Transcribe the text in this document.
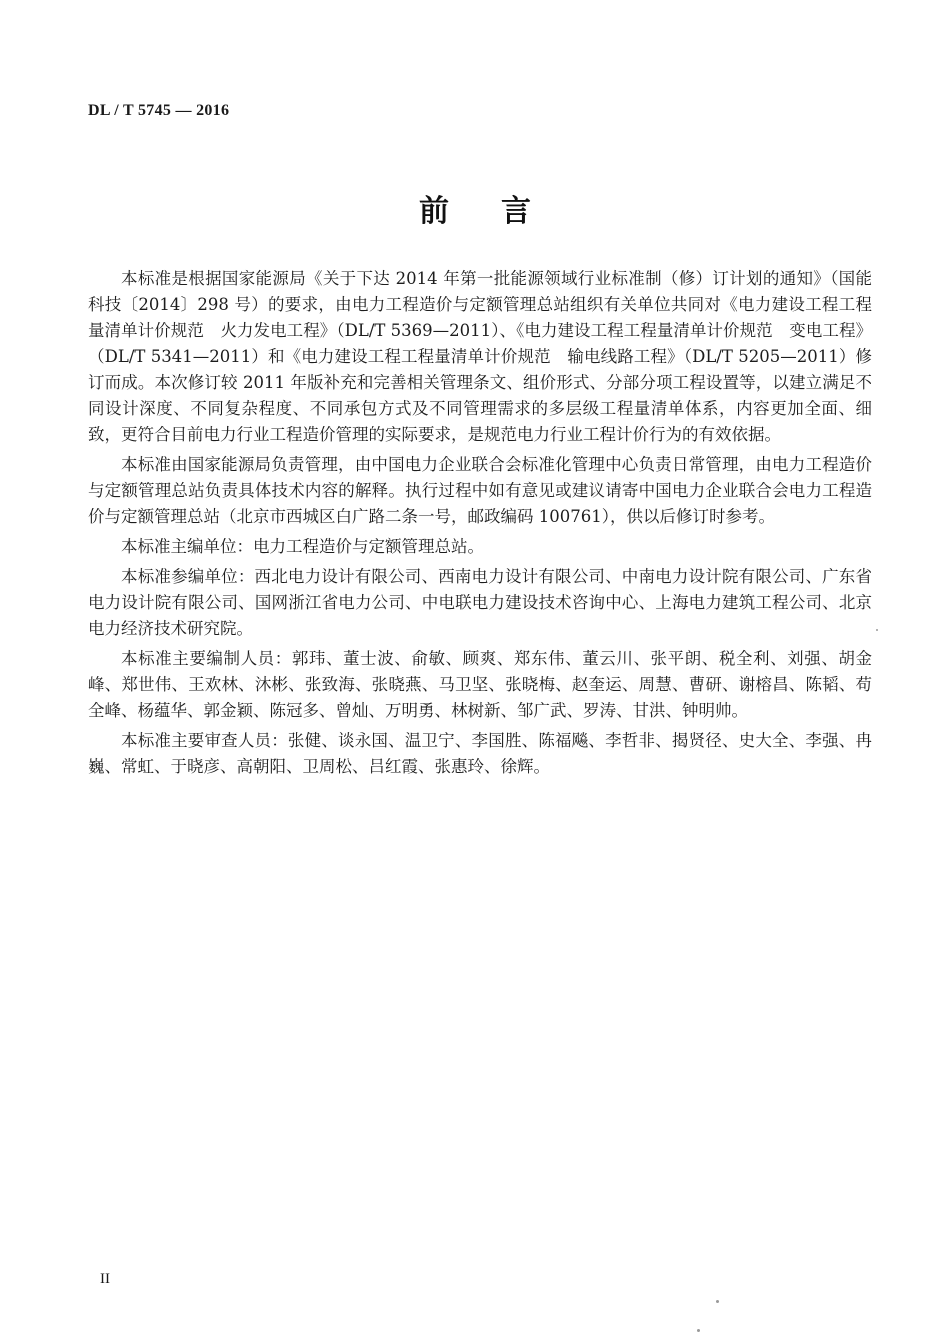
DL / T 5745 — 2016
前言

本标准是根据国家能源局《关于下达 2014 年第一批能源领域行业标准制（修）订计划的通知》（国能科技〔2014〕298 号）的要求，由电力工程造价与定额管理总站组织有关单位共同对《电力建设工程工程量清单计价规范　火力发电工程》（DL/T 5369—2011）、《电力建设工程工程量清单计价规范　变电工程》（DL/T 5341—2011）和《电力建设工程工程量清单计价规范　输电线路工程》（DL/T 5205—2011）修订而成。本次修订较 2011 年版补充和完善相关管理条文、组价形式、分部分项工程设置等，以建立满足不同设计深度、不同复杂程度、不同承包方式及不同管理需求的多层级工程量清单体系，内容更加全面、细致，更符合目前电力行业工程造价管理的实际要求，是规范电力行业工程计价行为的有效依据。

本标准由国家能源局负责管理，由中国电力企业联合会标准化管理中心负责日常管理，由电力工程造价与定额管理总站负责具体技术内容的解释。执行过程中如有意见或建议请寄中国电力企业联合会电力工程造价与定额管理总站（北京市西城区白广路二条一号，邮政编码 100761），供以后修订时参考。

本标准主编单位：电力工程造价与定额管理总站。

本标准参编单位：西北电力设计有限公司、西南电力设计有限公司、中南电力设计院有限公司、广东省电力设计院有限公司、国网浙江省电力公司、中电联电力建设技术咨询中心、上海电力建筑工程公司、北京电力经济技术研究院。

本标准主要编制人员：郭玮、董士波、俞敏、顾爽、郑东伟、董云川、张平朗、税全利、刘强、胡金峰、郑世伟、王欢林、沐彬、张致海、张晓燕、马卫坚、张晓梅、赵奎运、周慧、曹研、谢榕昌、陈韬、苟全峰、杨蕴华、郭金颖、陈冠多、曾灿、万明勇、林树新、邹广武、罗涛、甘洪、钟明帅。

本标准主要审查人员：张健、谈永国、温卫宁、李国胜、陈福飚、李哲非、揭贤径、史大全、李强、冉巍、常虹、于晓彦、高朝阳、卫周松、吕红霞、张惠玲、徐辉。

II
